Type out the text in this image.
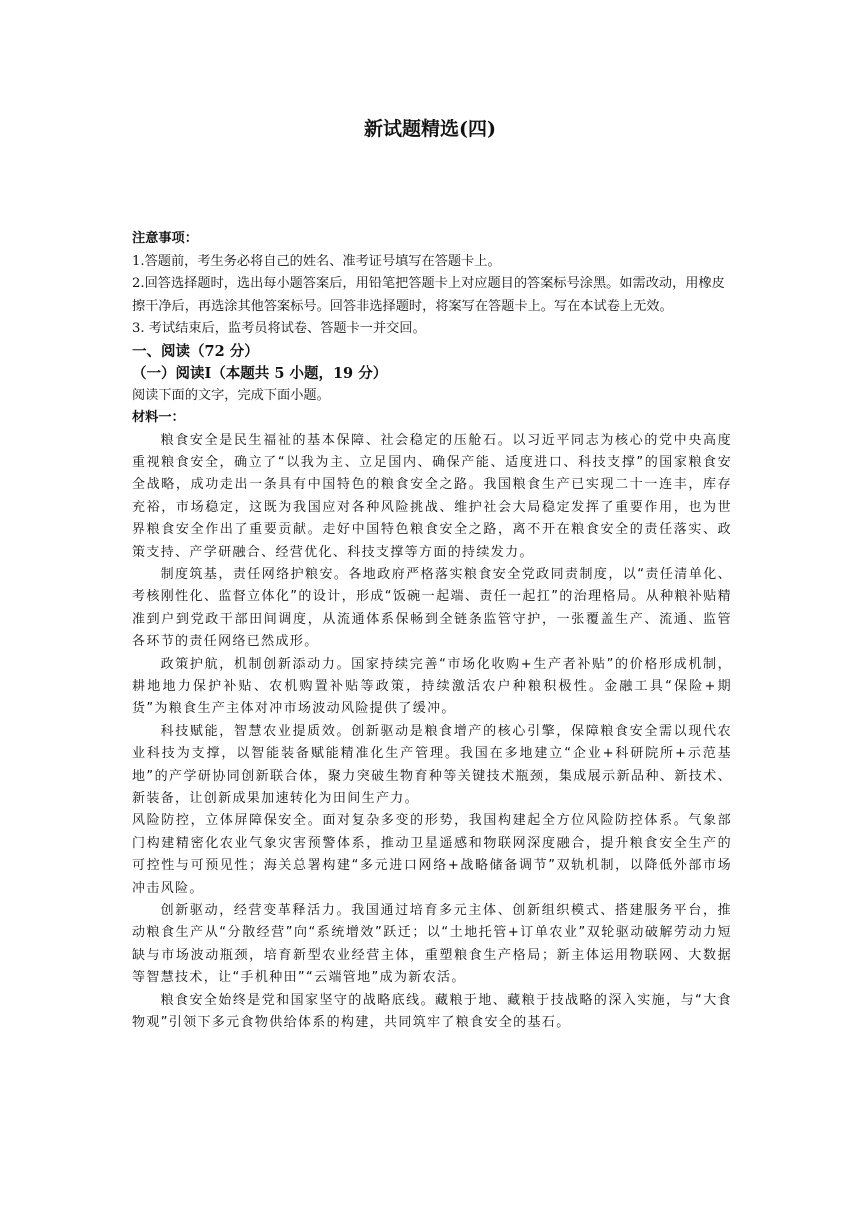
新试题精选(四)

注意事项：

1.答题前，考生务必将自己的姓名、准考证号填写在答题卡上。

2.回答选择题时，选出每小题答案后，用铅笔把答题卡上对应题目的答案标号涂黑。如需改动，用橡皮擦干净后，再选涂其他答案标号。回答非选择题时，将案写在答题卡上。写在本试卷上无效。

3. 考试结束后，监考员将试卷、答题卡一并交回。

一、阅读（72 分）

（一）阅读Ⅰ（本题共 5 小题，19 分）

阅读下面的文字，完成下面小题。

材料一：

粮食安全是民生福祉的基本保障、社会稳定的压舱石。以习近平同志为核心的党中央高度重视粮食安全，确立了“以我为主、立足国内、确保产能、适度进口、科技支撑”的国家粮食安全战略，成功走出一条具有中国特色的粮食安全之路。我国粮食生产已实现二十一连丰，库存充裕，市场稳定，这既为我国应对各种风险挑战、维护社会大局稳定发挥了重要作用，也为世界粮食安全作出了重要贡献。走好中国特色粮食安全之路，离不开在粮食安全的责任落实、政策支持、产学研融合、经营优化、科技支撑等方面的持续发力。

制度筑基，责任网络护粮安。各地政府严格落实粮食安全党政同责制度，以“责任清单化、考核刚性化、监督立体化”的设计，形成“饭碗一起端、责任一起扛”的治理格局。从种粮补贴精准到户到党政干部田间调度，从流通体系保畅到全链条监管守护，一张覆盖生产、流通、监管各环节的责任网络已然成形。

政策护航，机制创新添动力。国家持续完善“市场化收购+生产者补贴”的价格形成机制，耕地地力保护补贴、农机购置补贴等政策，持续激活农户种粮积极性。金融工具“保险+期货”为粮食生产主体对冲市场波动风险提供了缓冲。

科技赋能，智慧农业提质效。创新驱动是粮食增产的核心引擎，保障粮食安全需以现代农业科技为支撑，以智能装备赋能精准化生产管理。我国在多地建立“企业+科研院所+示范基地”的产学研协同创新联合体，聚力突破生物育种等关键技术瓶颈，集成展示新品种、新技术、新装备，让创新成果加速转化为田间生产力。

风险防控，立体屏障保安全。面对复杂多变的形势，我国构建起全方位风险防控体系。气象部门构建精密化农业气象灾害预警体系，推动卫星遥感和物联网深度融合，提升粮食安全生产的可控性与可预见性；海关总署构建“多元进口网络+战略储备调节”双轨机制，以降低外部市场冲击风险。

创新驱动，经营变革释活力。我国通过培育多元主体、创新组织模式、搭建服务平台，推动粮食生产从“分散经营”向“系统增效”跃迁；以“土地托管+订单农业”双轮驱动破解劳动力短缺与市场波动瓶颈，培育新型农业经营主体，重塑粮食生产格局；新主体运用物联网、大数据等智慧技术，让“手机种田”“云端管地”成为新农活。

粮食安全始终是党和国家坚守的战略底线。藏粮于地、藏粮于技战略的深入实施，与“大食物观”引领下多元食物供给体系的构建，共同筑牢了粮食安全的基石。
